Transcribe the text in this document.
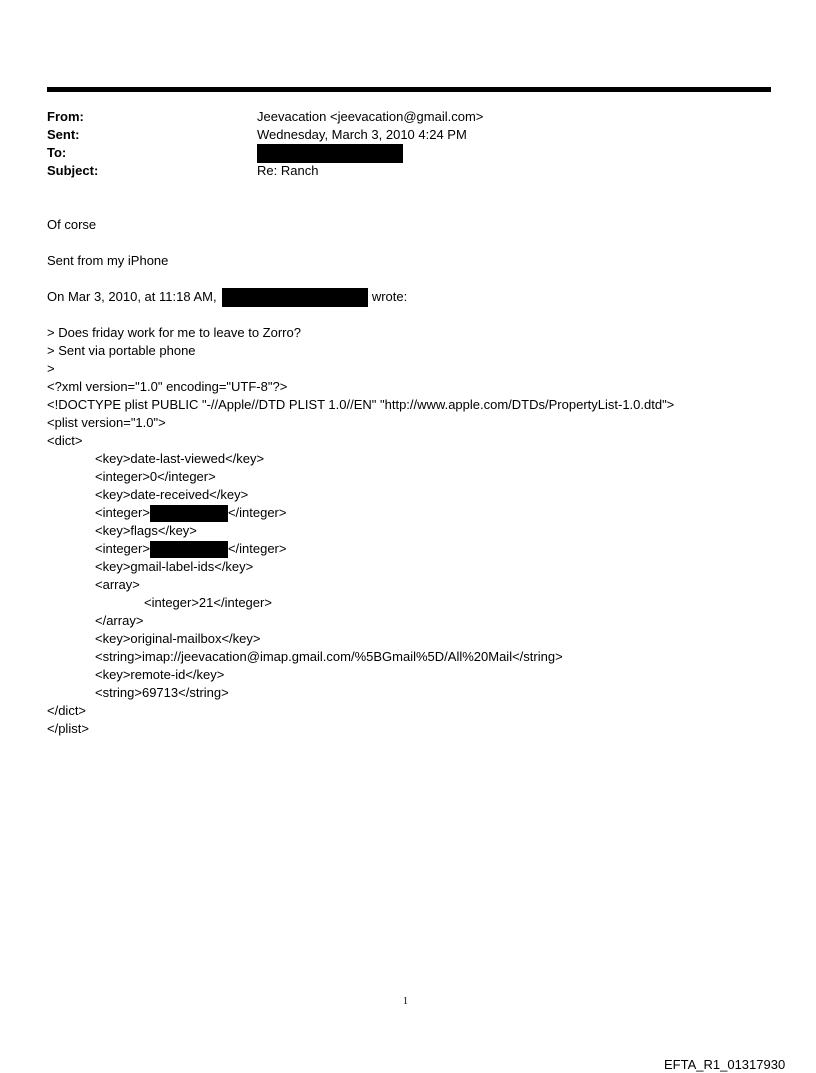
From:	Jeevacation <jeevacation@gmail.com>
Sent:	Wednesday, March 3, 2010 4:24 PM
To:
Subject:	Re: Ranch
Of corse
Sent from my iPhone
On Mar 3, 2010, at 11:18 AM,	wrote:
> Does friday work for me to leave to Zorro?
> Sent via portable phone
>
<?xml version="1.0" encoding="UTF-8"?>
<!DOCTYPE plist PUBLIC "-//Apple//DTD PLIST 1.0//EN" "http://www.apple.com/DTDs/PropertyList-1.0.dtd">
<plist version="1.0">
<dict>
<key>date-last-viewed</key>
<integer>0</integer>
<key>date-received</key>
<integer>	</integer>
<key>flags</key>
<integer>	</integer>
<key>gmail-label-ids</key>
<array>
<integer>21</integer>
</array>
<key>original-mailbox</key>
<string>imap://jeevacation@imap.gmail.com/%5BGmail%5D/All%20Mail</string>
<key>remote-id</key>
<string>69713</string>
</dict>
</plist>
1
EFTA_R1_01317930
